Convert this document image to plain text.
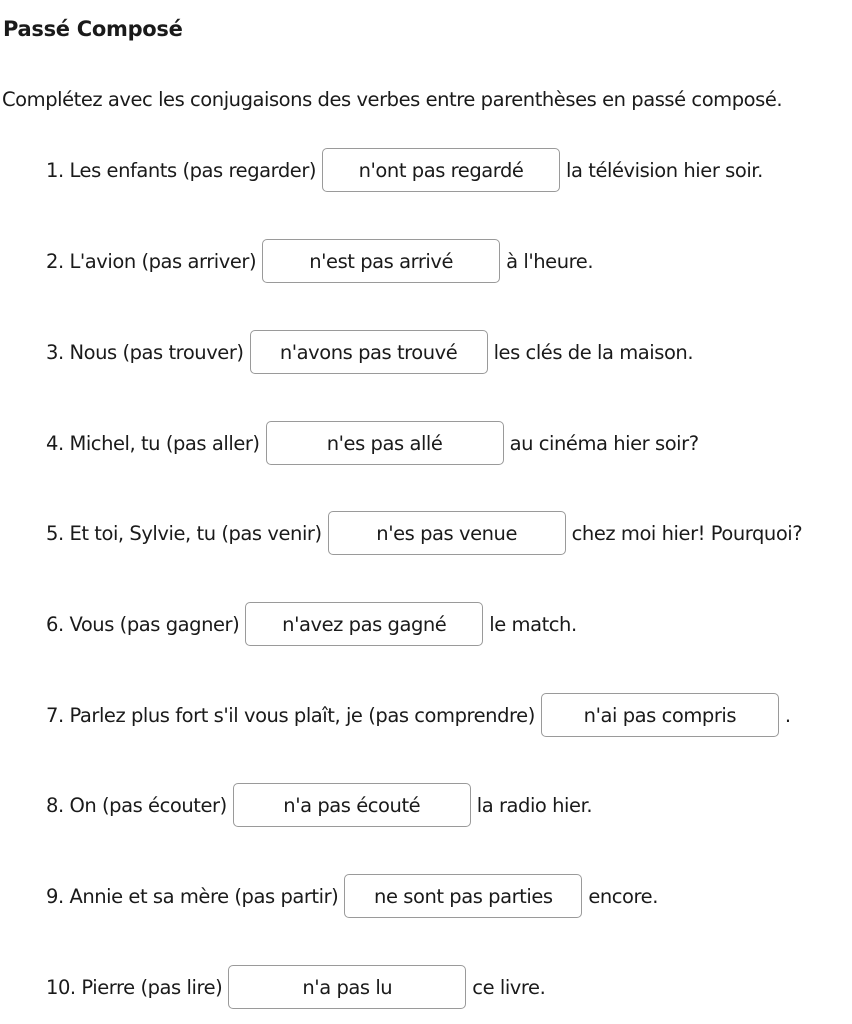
Passé Composé
Complétez avec les conjugaisons des verbes entre parenthèses en passé composé.
1. Les enfants (pas regarder)
n'ont pas regardé	la télévision hier soir.
2. L'avion (pas arriver)
n'est pas arrivé	à l'heure.
3. Nous (pas trouver)
n'avons pas trouvé	les clés de la maison.
4. Michel, tu (pas aller)
n'es pas allé	au cinéma hier soir?
5. Et toi, Sylvie, tu (pas venir)
n'es pas venue	chez moi hier! Pourquoi?
6. Vous (pas gagner)
n'avez pas gagné	le match.
7. Parlez plus fort s'il vous plaît, je (pas comprendre)
n'ai pas compris	.
8. On (pas écouter)
n'a pas écouté	la radio hier.
9. Annie et sa mère (pas partir)
ne sont pas parties	encore.
10. Pierre (pas lire)
n'a pas lu	ce livre.
